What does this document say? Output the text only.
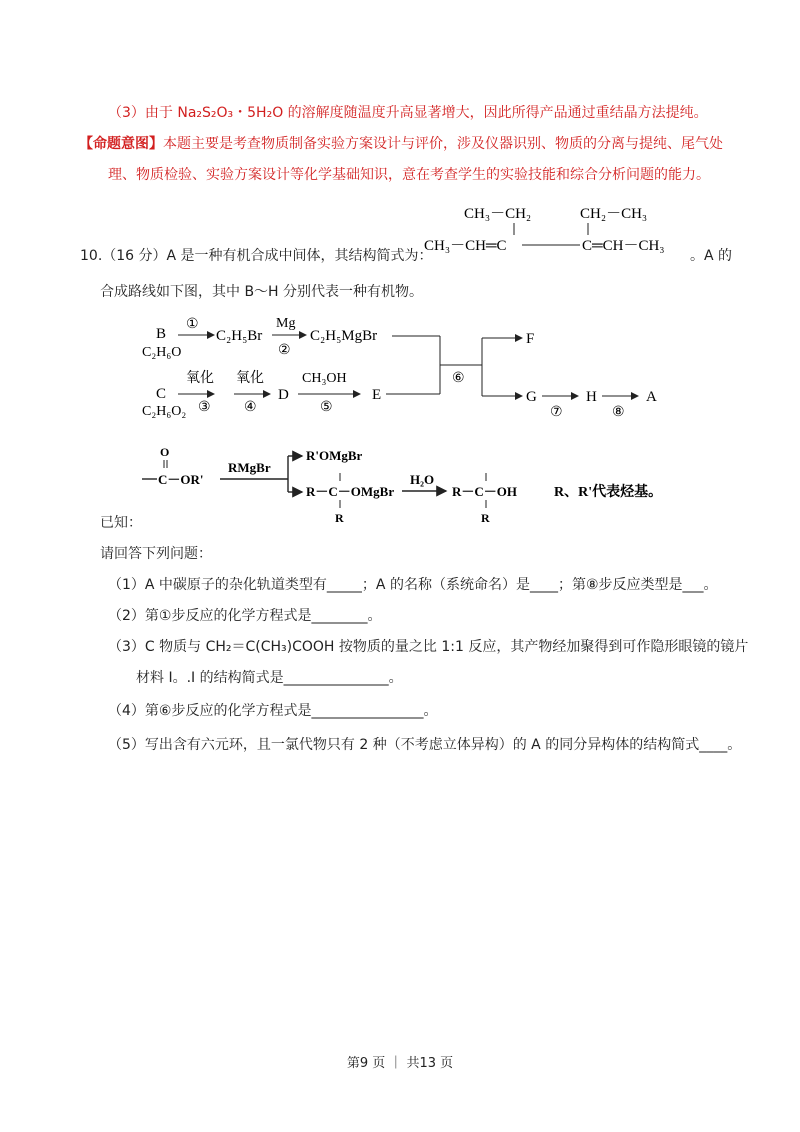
（3）由于 Na₂S₂O₃・5H₂O 的溶解度随温度升高显著增大，因此所得产品通过重结晶方法提纯。
【命题意图】本题主要是考查物质制备实验方案设计与评价，涉及仪器识别、物质的分离与提纯、尾气处
理、物质检验、实验方案设计等化学基础知识，意在考查学生的实验技能和综合分析问题的能力。
10.（16 分）A 是一种有机合成中间体，其结构简式为：
CH₃－CH₂	CH₂－CH₃
CH₃－CH═C	C═CH－CH₃
。A 的
合成路线如下图，其中 B～H 分别代表一种有机物。
B
C₂H₆O
①
C₂H₅Br
Mg
②
C₂H₅MgBr
C
C₂H₆O₂
氧化
③
氧化
④
D
CH₃OH
⑤
E
⑥
F
G
⑦
H
⑧
A
O
C－OR'
RMgBr
R'OMgBr
R－C－OMgBr
R
H₂O
R－C－OH
R
R、R'代表烃基。
已知：
请回答下列问题：
（1）A 中碳原子的杂化轨道类型有_____；A 的名称（系统命名）是____；第⑧步反应类型是___。
（2）第①步反应的化学方程式是________。
（3）C 物质与 CH₂＝C(CH₃)COOH 按物质的量之比 1:1 反应，其产物经加聚得到可作隐形眼镜的镜片
材料 I。.I 的结构简式是_______________。
（4）第⑥步反应的化学方程式是________________。
（5）写出含有六元环，且一氯代物只有 2 种（不考虑立体异构）的 A 的同分异构体的结构简式____。
第9 页 ｜ 共13 页
